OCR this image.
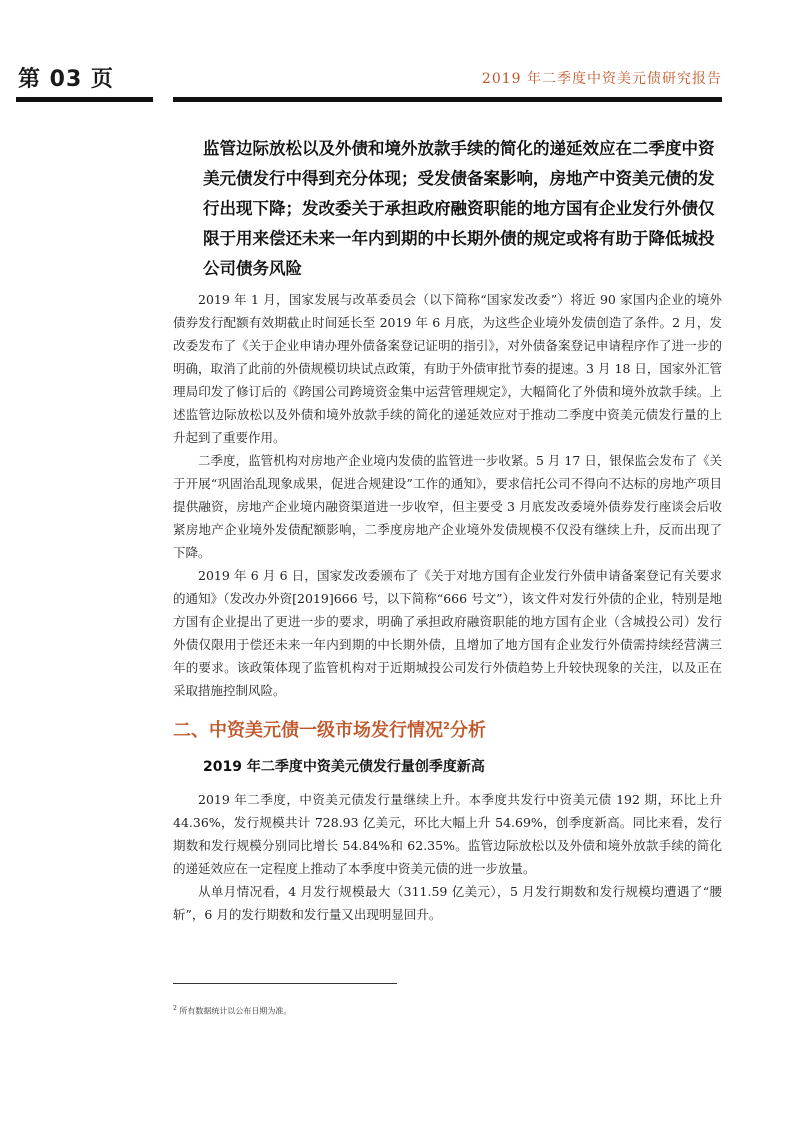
第 03 页	2019 年二季度中资美元债研究报告
监管边际放松以及外债和境外放款手续的简化的递延效应在二季度中资美元债发行中得到充分体现；受发债备案影响，房地产中资美元债的发行出现下降；发改委关于承担政府融资职能的地方国有企业发行外债仅限于用来偿还未来一年内到期的中长期外债的规定或将有助于降低城投公司债务风险

2019 年 1 月，国家发展与改革委员会（以下简称“国家发改委”）将近 90 家国内企业的境外债券发行配额有效期截止时间延长至 2019 年 6 月底，为这些企业境外发债创造了条件。2 月，发改委发布了《关于企业申请办理外债备案登记证明的指引》，对外债备案登记申请程序作了进一步的明确，取消了此前的外债规模切块试点政策，有助于外债审批节奏的提速。3 月 18 日，国家外汇管理局印发了修订后的《跨国公司跨境资金集中运营管理规定》，大幅简化了外债和境外放款手续。上述监管边际放松以及外债和境外放款手续的简化的递延效应对于推动二季度中资美元债发行量的上升起到了重要作用。

二季度，监管机构对房地产企业境内发债的监管进一步收紧。5 月 17 日，银保监会发布了《关于开展“巩固治乱现象成果，促进合规建设”工作的通知》，要求信托公司不得向不达标的房地产项目提供融资，房地产企业境内融资渠道进一步收窄，但主要受 3 月底发改委境外债券发行座谈会后收紧房地产企业境外发债配额影响，二季度房地产企业境外发债规模不仅没有继续上升，反而出现了下降。

2019 年 6 月 6 日，国家发改委颁布了《关于对地方国有企业发行外债申请备案登记有关要求的通知》（发改办外资[2019]666 号，以下简称“666 号文”），该文件对发行外债的企业，特别是地方国有企业提出了更进一步的要求，明确了承担政府融资职能的地方国有企业（含城投公司）发行外债仅限用于偿还未来一年内到期的中长期外债，且增加了地方国有企业发行外债需持续经营满三年的要求。该政策体现了监管机构对于近期城投公司发行外债趋势上升较快现象的关注，以及正在采取措施控制风险。

二、中资美元债一级市场发行情况$^2$分析
2019 年二季度中资美元债发行量创季度新高

2019 年二季度，中资美元债发行量继续上升。本季度共发行中资美元债 192 期，环比上升 44.36%，发行规模共计 728.93 亿美元，环比大幅上升 54.69%，创季度新高。同比来看，发行期数和发行规模分别同比增长 54.84%和 62.35%。监管边际放松以及外债和境外放款手续的简化的递延效应在一定程度上推动了本季度中资美元债的进一步放量。

从单月情况看，4 月发行规模最大（311.59 亿美元），5 月发行期数和发行规模均遭遇了“腰斩”，6 月的发行期数和发行量又出现明显回升。

$^2$ 所有数据统计以公布日期为准。
